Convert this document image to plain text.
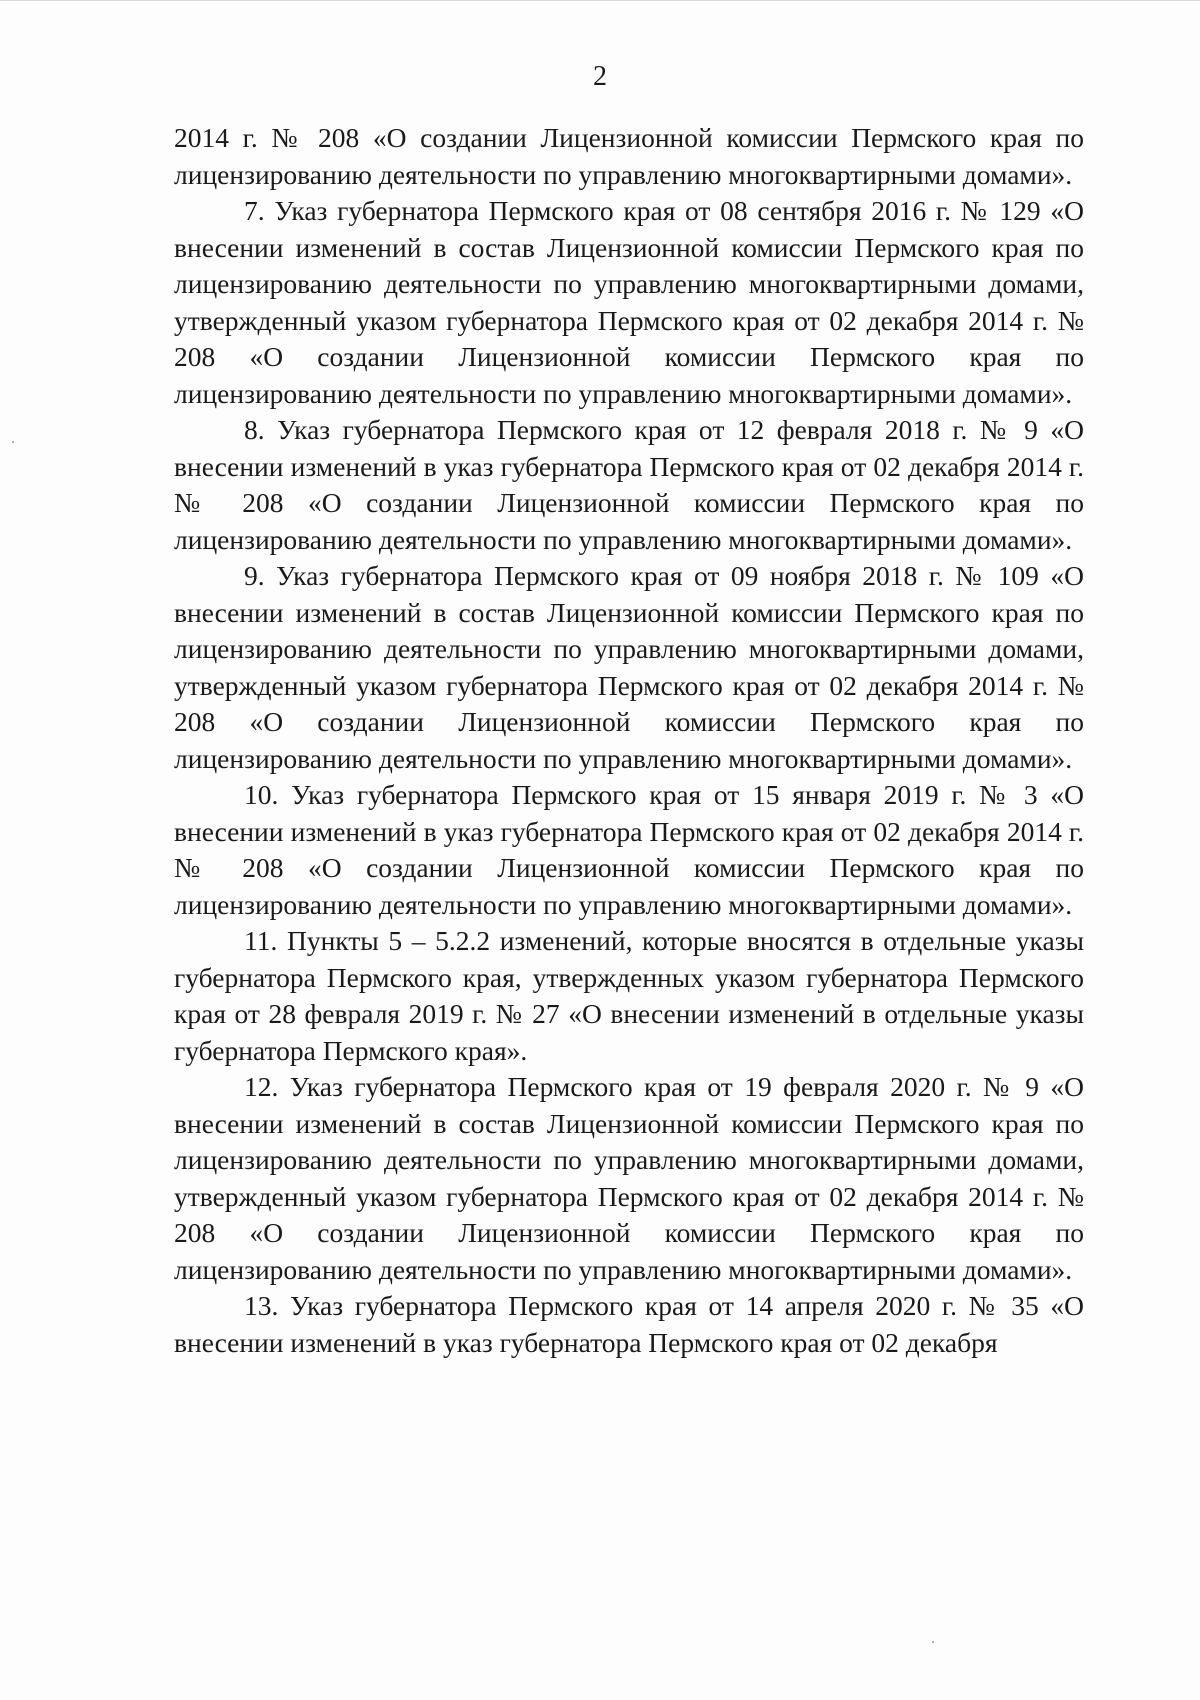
2

2014 г. № 208 «О создании Лицензионной комиссии Пермского края по лицензированию деятельности по управлению многоквартирными домами».

7. Указ губернатора Пермского края от 08 сентября 2016 г. № 129 «О внесении изменений в состав Лицензионной комиссии Пермского края по лицензированию деятельности по управлению многоквартирными домами, утвержденный указом губернатора Пермского края от 02 декабря 2014 г. № 208 «О создании Лицензионной комиссии Пермского края по лицензированию деятельности по управлению многоквартирными домами».

8. Указ губернатора Пермского края от 12 февраля 2018 г. № 9 «О внесении изменений в указ губернатора Пермского края от 02 декабря 2014 г. № 208 «О создании Лицензионной комиссии Пермского края по лицензированию деятельности по управлению многоквартирными домами».

9. Указ губернатора Пермского края от 09 ноября 2018 г. № 109 «О внесении изменений в состав Лицензионной комиссии Пермского края по лицензированию деятельности по управлению многоквартирными домами, утвержденный указом губернатора Пермского края от 02 декабря 2014 г. № 208 «О создании Лицензионной комиссии Пермского края по лицензированию деятельности по управлению многоквартирными домами».

10. Указ губернатора Пермского края от 15 января 2019 г. № 3 «О внесении изменений в указ губернатора Пермского края от 02 декабря 2014 г. № 208 «О создании Лицензионной комиссии Пермского края по лицензированию деятельности по управлению многоквартирными домами».

11. Пункты 5 – 5.2.2 изменений, которые вносятся в отдельные указы губернатора Пермского края, утвержденных указом губернатора Пермского края от 28 февраля 2019 г. № 27 «О внесении изменений в отдельные указы губернатора Пермского края».

12. Указ губернатора Пермского края от 19 февраля 2020 г. № 9 «О внесении изменений в состав Лицензионной комиссии Пермского края по лицензированию деятельности по управлению многоквартирными домами, утвержденный указом губернатора Пермского края от 02 декабря 2014 г. № 208 «О создании Лицензионной комиссии Пермского края по лицензированию деятельности по управлению многоквартирными домами».

13. Указ губернатора Пермского края от 14 апреля 2020 г. № 35 «О внесении изменений в указ губернатора Пермского края от 02 декабря
